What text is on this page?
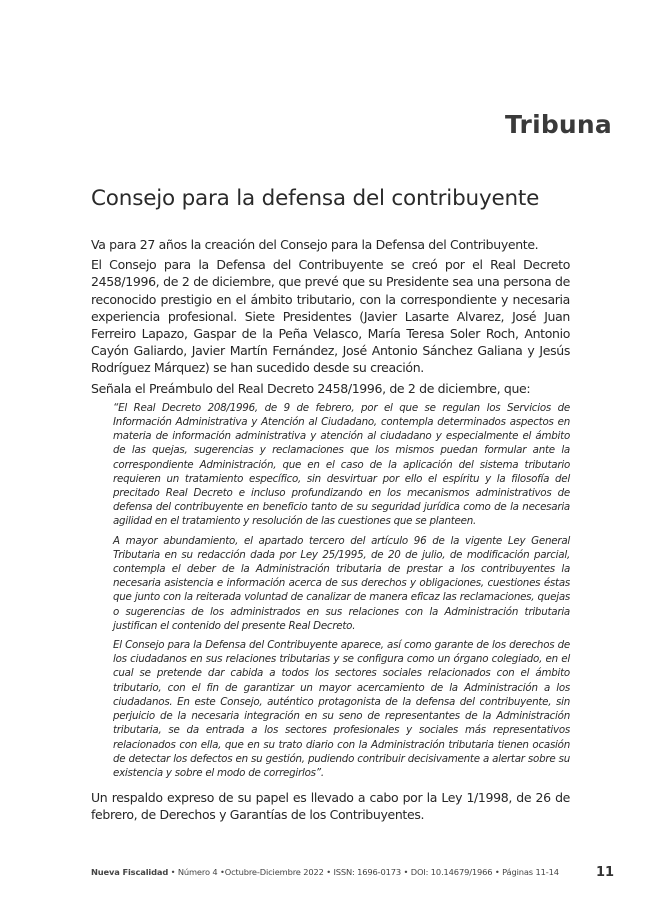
Tribuna
Consejo para la defensa del contribuyente

Va para 27 años la creación del Consejo para la Defensa del Contribuyente.

El Consejo para la Defensa del Contribuyente se creó por el Real Decreto 2458/1996, de 2 de diciembre, que prevé que su Presidente sea una persona de reconocido prestigio en el ámbito tributario, con la correspondiente y necesaria experiencia profesional. Siete Presidentes (Javier Lasarte Alvarez, José Juan Ferreiro Lapazo, Gaspar de la Peña Velasco, María Teresa Soler Roch, Antonio Cayón Galiardo, Javier Martín Fernández, José Antonio Sánchez Galiana y Jesús Rodríguez Márquez) se han sucedido desde su creación.

Señala el Preámbulo del Real Decreto 2458/1996, de 2 de diciembre, que:

“El Real Decreto 208/1996, de 9 de febrero, por el que se regulan los Servicios de Información Administrativa y Atención al Ciudadano, contempla determinados aspectos en materia de información administrativa y atención al ciudadano y especialmente el ámbito de las quejas, sugerencias y reclamaciones que los mismos puedan formular ante la correspondiente Administración, que en el caso de la aplicación del sistema tributario requieren un tratamiento específico, sin desvirtuar por ello el espíritu y la filosofía del precitado Real Decreto e incluso profundizando en los mecanismos administrativos de defensa del contribuyente en beneficio tanto de su seguridad jurídica como de la necesaria agilidad en el tratamiento y resolución de las cuestiones que se planteen.

A mayor abundamiento, el apartado tercero del artículo 96 de la vigente Ley General Tributaria en su redacción dada por Ley 25/1995, de 20 de julio, de modificación parcial, contempla el deber de la Administración tributaria de prestar a los contribuyentes la necesaria asistencia e información acerca de sus derechos y obligaciones, cuestiones éstas que junto con la reiterada voluntad de canalizar de manera eficaz las reclamaciones, quejas o sugerencias de los administrados en sus relaciones con la Administración tributaria justifican el contenido del presente Real Decreto.

El Consejo para la Defensa del Contribuyente aparece, así como garante de los derechos de los ciudadanos en sus relaciones tributarias y se configura como un órgano colegiado, en el cual se pretende dar cabida a todos los sectores sociales relacionados con el ámbito tributario, con el fin de garantizar un mayor acercamiento de la Administración a los ciudadanos. En este Consejo, auténtico protagonista de la defensa del contribuyente, sin perjuicio de la necesaria integración en su seno de representantes de la Administración tributaria, se da entrada a los sectores profesionales y sociales más representativos relacionados con ella, que en su trato diario con la Administración tributaria tienen ocasión de detectar los defectos en su gestión, pudiendo contribuir decisivamente a alertar sobre su existencia y sobre el modo de corregirlos”.

Un respaldo expreso de su papel es llevado a cabo por la Ley 1/1998, de 26 de febrero, de Derechos y Garantías de los Contribuyentes.

Nueva Fiscalidad • Número 4 •Octubre-Diciembre 2022 • ISSN: 1696-0173 • DOI: 10.14679/1966 • Páginas 11-14	11
